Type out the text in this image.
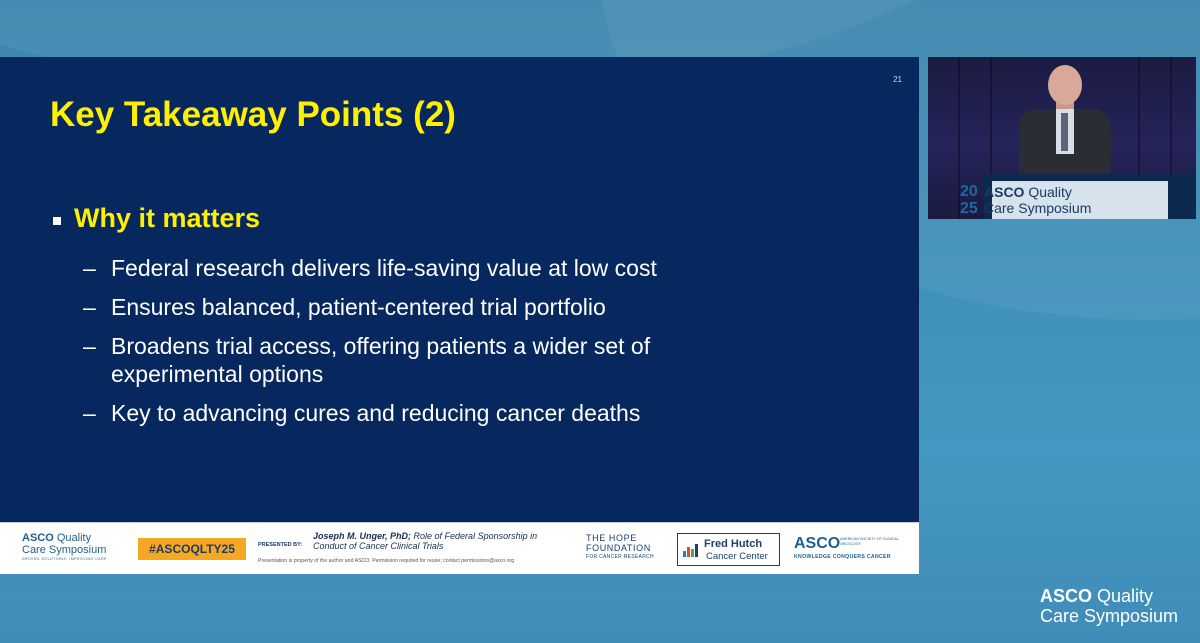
21
Key Takeaway Points (2)
Why it matters
– Federal research delivers life-saving value at low cost
– Ensures balanced, patient-centered trial portfolio
– Broadens trial access, offering patients a wider set of experimental options
– Key to advancing cures and reducing cancer deaths
ASCO Quality
Care Symposium
DRIVING SOLUTIONS, IMPROVING CARE
#ASCOQLTY25	PRESENTED BY:
Joseph M. Unger, PhD; Role of Federal Sponsorship in Conduct of Cancer Clinical Trials
Presentation is property of the author and ASCO. Permission required for reuse; contact permissions@asco.org
THE HOPE
FOUNDATION
FOR CANCER RESEARCH
Fred Hutch
Cancer Center
ASCO AMERICAN SOCIETY OF CLINICAL ONCOLOGY
KNOWLEDGE CONQUERS CANCER
20
25
ASCO Quality
Care Symposium
ASCO Quality
Care Symposium
